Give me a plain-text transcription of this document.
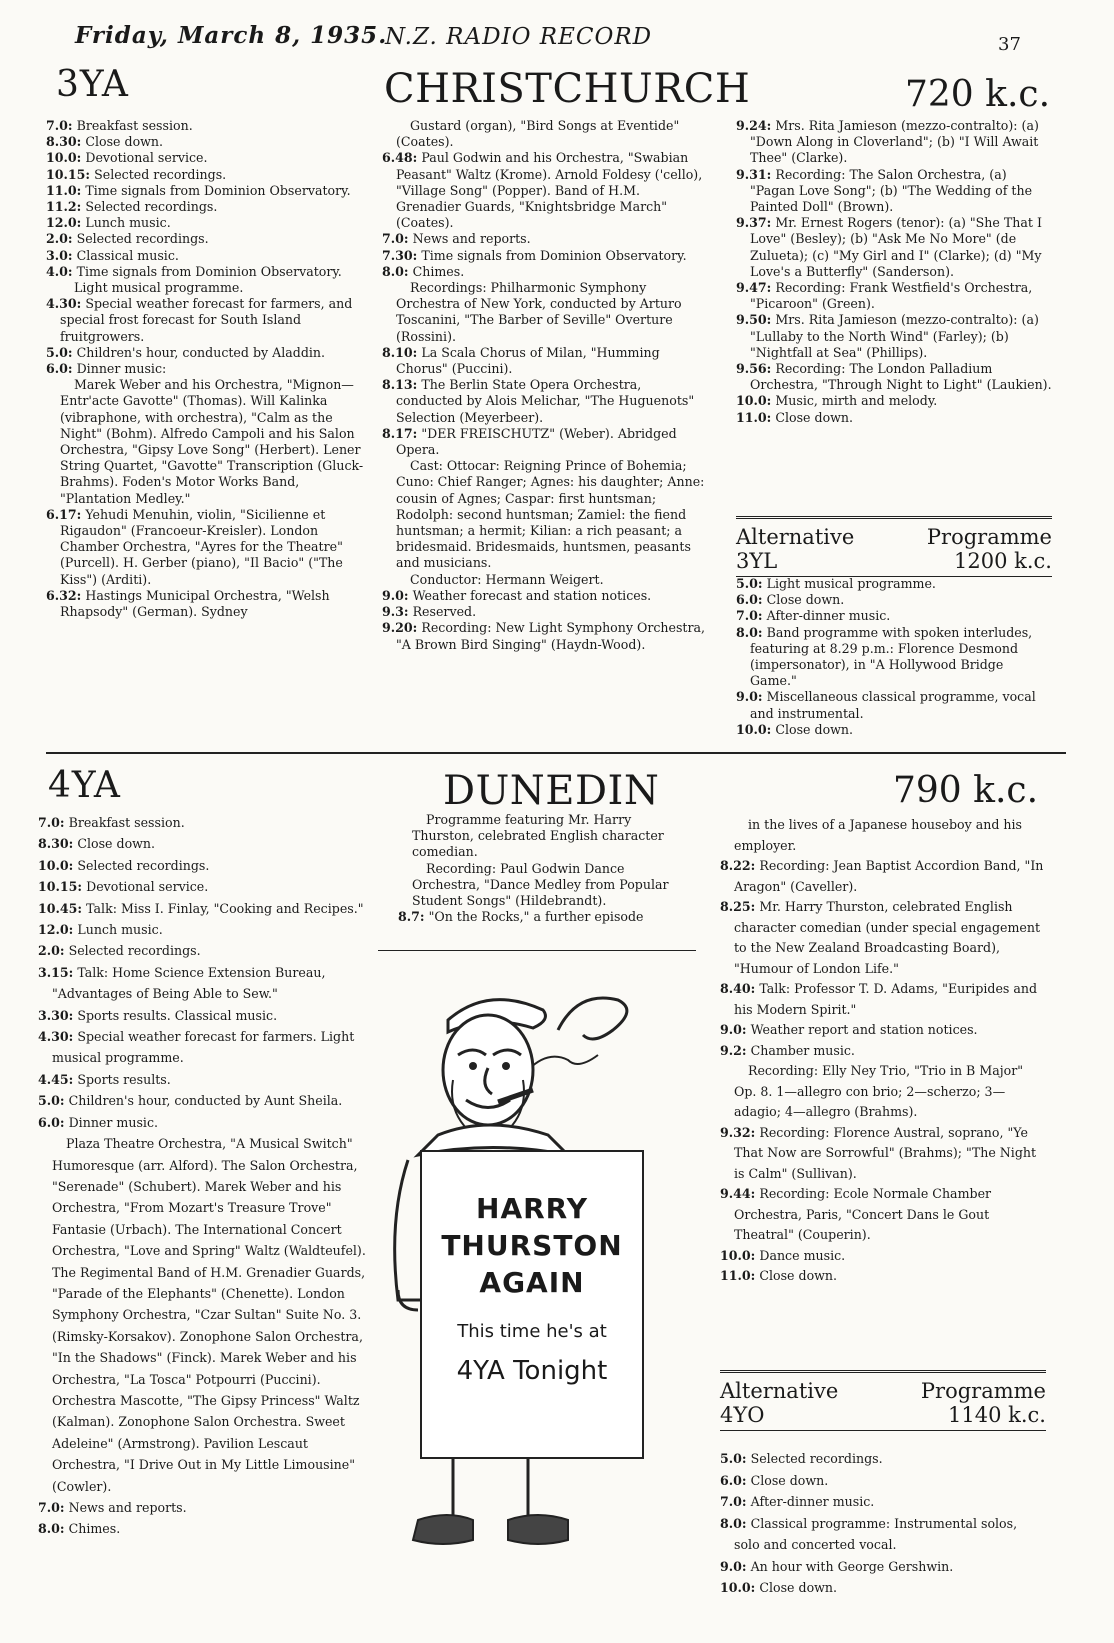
Friday, March 8, 1935.
N.Z. RADIO RECORD	37
3YA	CHRISTCHURCH	720 k.c.

7.0: Breakfast session.

8.30: Close down.

10.0: Devotional service.

10.15: Selected recordings.

11.0: Time signals from Dominion Observatory.

11.2: Selected recordings.

12.0: Lunch music.

2.0: Selected recordings.

3.0: Classical music.

4.0: Time signals from Dominion Observatory.

Light musical programme.

4.30: Special weather forecast for farmers, and special frost forecast for South Island fruitgrowers.

5.0: Children's hour, conducted by Aladdin.

6.0: Dinner music:

Marek Weber and his Orchestra, "Mignon—Entr'acte Gavotte" (Thomas). Will Kalinka (vibraphone, with orchestra), "Calm as the Night" (Bohm). Alfredo Campoli and his Salon Orchestra, "Gipsy Love Song" (Herbert). Lener String Quartet, "Gavotte" Transcription (Gluck-Brahms). Foden's Motor Works Band, "Plantation Medley."

6.17: Yehudi Menuhin, violin, "Sicilienne et Rigaudon" (Francoeur-Kreisler). London Chamber Orchestra, "Ayres for the Theatre" (Purcell). H. Gerber (piano), "Il Bacio" ("The Kiss") (Arditi).

6.32: Hastings Municipal Orchestra, "Welsh Rhapsody" (German). Sydney

Gustard (organ), "Bird Songs at Eventide" (Coates).

6.48: Paul Godwin and his Orchestra, "Swabian Peasant" Waltz (Krome). Arnold Foldesy ('cello), "Village Song" (Popper). Band of H.M. Grenadier Guards, "Knightsbridge March" (Coates).

7.0: News and reports.

7.30: Time signals from Dominion Observatory.

8.0: Chimes.

Recordings: Philharmonic Symphony Orchestra of New York, conducted by Arturo Toscanini, "The Barber of Seville" Overture (Rossini).

8.10: La Scala Chorus of Milan, "Humming Chorus" (Puccini).

8.13: The Berlin State Opera Orchestra, conducted by Alois Melichar, "The Huguenots" Selection (Meyerbeer).

8.17: "DER FREISCHUTZ" (Weber). Abridged Opera.

Cast: Ottocar: Reigning Prince of Bohemia; Cuno: Chief Ranger; Agnes: his daughter; Anne: cousin of Agnes; Caspar: first huntsman; Rodolph: second huntsman; Zamiel: the fiend huntsman; a hermit; Kilian: a rich peasant; a bridesmaid. Bridesmaids, huntsmen, peasants and musicians.

Conductor: Hermann Weigert.

9.0: Weather forecast and station notices.

9.3: Reserved.

9.20: Recording: New Light Symphony Orchestra, "A Brown Bird Singing" (Haydn-Wood).

9.24: Mrs. Rita Jamieson (mezzo-contralto): (a) "Down Along in Cloverland"; (b) "I Will Await Thee" (Clarke).

9.31: Recording: The Salon Orchestra, (a) "Pagan Love Song"; (b) "The Wedding of the Painted Doll" (Brown).

9.37: Mr. Ernest Rogers (tenor): (a) "She That I Love" (Besley); (b) "Ask Me No More" (de Zulueta); (c) "My Girl and I" (Clarke); (d) "My Love's a Butterfly" (Sanderson).

9.47: Recording: Frank Westfield's Orchestra, "Picaroon" (Green).

9.50: Mrs. Rita Jamieson (mezzo-contralto): (a) "Lullaby to the North Wind" (Farley); (b) "Nightfall at Sea" (Phillips).

9.56: Recording: The London Palladium Orchestra, "Through Night to Light" (Laukien).

10.0: Music, mirth and melody.

11.0: Close down.

Alternative	Programme
3YL	1200 k.c.

5.0: Light musical programme.

6.0: Close down.

7.0: After-dinner music.

8.0: Band programme with spoken interludes, featuring at 8.29 p.m.: Florence Desmond (impersonator), in "A Hollywood Bridge Game."

9.0: Miscellaneous classical programme, vocal and instrumental.

10.0: Close down.

4YA	DUNEDIN	790 k.c.

7.0: Breakfast session.

8.30: Close down.

10.0: Selected recordings.

10.15: Devotional service.

10.45: Talk: Miss I. Finlay, "Cooking and Recipes."

12.0: Lunch music.

2.0: Selected recordings.

3.15: Talk: Home Science Extension Bureau, "Advantages of Being Able to Sew."

3.30: Sports results. Classical music.

4.30: Special weather forecast for farmers. Light musical programme.

4.45: Sports results.

5.0: Children's hour, conducted by Aunt Sheila.

6.0: Dinner music.

Plaza Theatre Orchestra, "A Musical Switch" Humoresque (arr. Alford). The Salon Orchestra, "Serenade" (Schubert). Marek Weber and his Orchestra, "From Mozart's Treasure Trove" Fantasie (Urbach). The International Concert Orchestra, "Love and Spring" Waltz (Waldteufel). The Regimental Band of H.M. Grenadier Guards, "Parade of the Elephants" (Chenette). London Symphony Orchestra, "Czar Sultan" Suite No. 3. (Rimsky-Korsakov). Zonophone Salon Orchestra, "In the Shadows" (Finck). Marek Weber and his Orchestra, "La Tosca" Potpourri (Puccini). Orchestra Mascotte, "The Gipsy Princess" Waltz (Kalman). Zonophone Salon Orchestra. Sweet Adeleine" (Armstrong). Pavilion Lescaut Orchestra, "I Drive Out in My Little Limousine" (Cowler).

7.0: News and reports.

8.0: Chimes.

Programme featuring Mr. Harry Thurston, celebrated English character comedian.

Recording: Paul Godwin Dance Orchestra, "Dance Medley from Popular Student Songs" (Hildebrandt).

8.7: "On the Rocks," a further episode

in the lives of a Japanese houseboy and his employer.

8.22: Recording: Jean Baptist Accordion Band, "In Aragon" (Caveller).

8.25: Mr. Harry Thurston, celebrated English character comedian (under special engagement to the New Zealand Broadcasting Board), "Humour of London Life."

8.40: Talk: Professor T. D. Adams, "Euripides and his Modern Spirit."

9.0: Weather report and station notices.

9.2: Chamber music.

Recording: Elly Ney Trio, "Trio in B Major" Op. 8. 1—allegro con brio; 2—scherzo; 3—adagio; 4—allegro (Brahms).

9.32: Recording: Florence Austral, soprano, "Ye That Now are Sorrowful" (Brahms); "The Night is Calm" (Sullivan).

9.44: Recording: Ecole Normale Chamber Orchestra, Paris, "Concert Dans le Gout Theatral" (Couperin).

10.0: Dance music.

11.0: Close down.

HARRY
THURSTON
AGAIN
This time he's at
4YA Tonight
Alternative	Programme
4YO	1140 k.c.

5.0: Selected recordings.

6.0: Close down.

7.0: After-dinner music.

8.0: Classical programme: Instrumental solos, solo and concerted vocal.

9.0: An hour with George Gershwin.

10.0: Close down.
